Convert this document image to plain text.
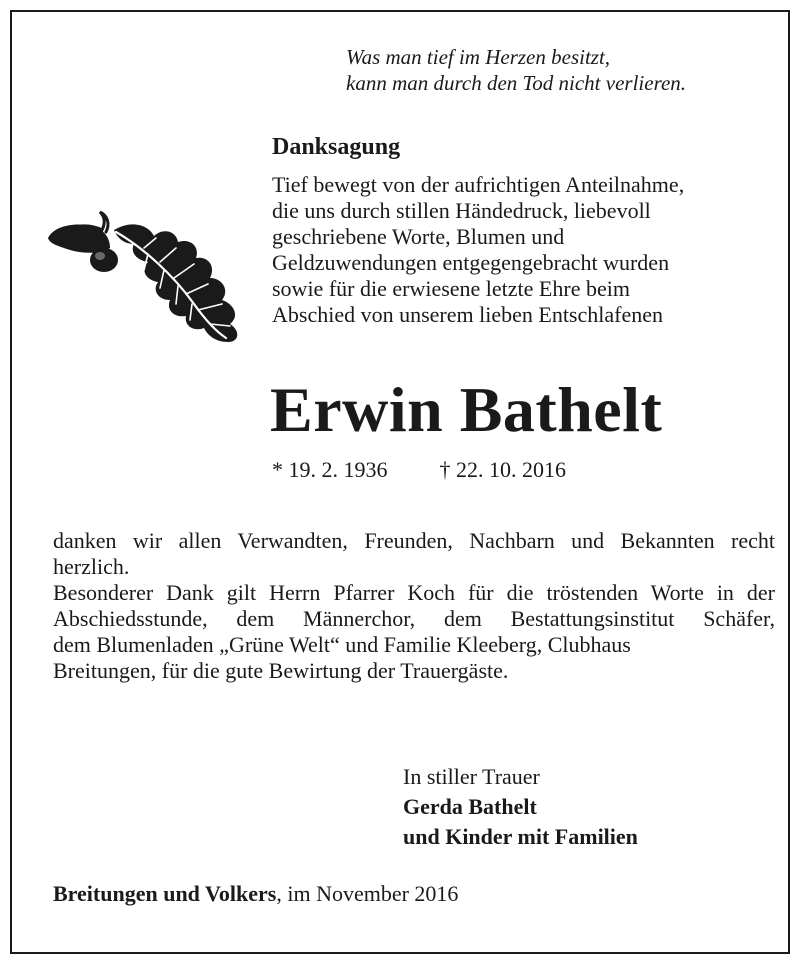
Was man tief im Herzen besitzt,
kann man durch den Tod nicht verlieren.
Danksagung
Tief bewegt von der aufrichtigen Anteilnahme,
die uns durch stillen Händedruck, liebevoll
geschriebene Worte, Blumen und
Geldzuwendungen entgegengebracht wurden
sowie für die erwiesene letzte Ehre beim
Abschied von unserem lieben Entschlafenen
Erwin Bathelt
* 19. 2. 1936 † 22. 10. 2016
danken wir allen Verwandten, Freunden, Nachbarn und Bekannten recht
herzlich.
Besonderer Dank gilt Herrn Pfarrer Koch für die tröstenden Worte in der
Abschiedsstunde, dem Männerchor, dem Bestattungsinstitut Schäfer,
dem Blumenladen „Grüne Welt“ und Familie Kleeberg, Clubhaus
Breitungen, für die gute Bewirtung der Trauergäste.
In stiller Trauer
Gerda Bathelt
und Kinder mit Familien
Breitungen und Volkers, im November 2016
